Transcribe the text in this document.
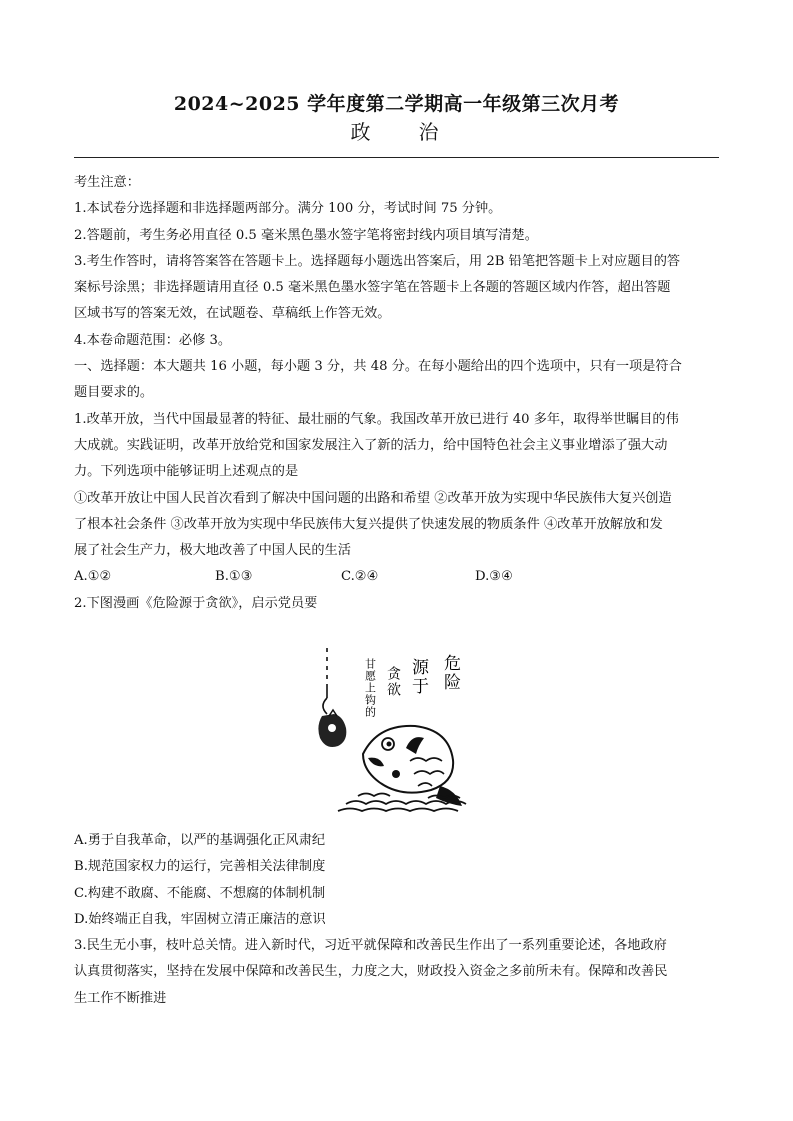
2024~2025 学年度第二学期高一年级第三次月考
政　治
考生注意：
1.本试卷分选择题和非选择题两部分。满分 100 分，考试时间 75 分钟。
2.答题前，考生务必用直径 0.5 毫米黑色墨水签字笔将密封线内项目填写清楚。
3.考生作答时，请将答案答在答题卡上。选择题每小题选出答案后，用 2B 铅笔把答题卡上对应题目的答
案标号涂黑；非选择题请用直径 0.5 毫米黑色墨水签字笔在答题卡上各题的答题区域内作答，超出答题
区域书写的答案无效，在试题卷、草稿纸上作答无效。
4.本卷命题范围：必修 3。
一、选择题：本大题共 16 小题，每小题 3 分，共 48 分。在每小题给出的四个选项中，只有一项是符合
题目要求的。
1.改革开放，当代中国最显著的特征、最壮丽的气象。我国改革开放已进行 40 多年，取得举世瞩目的伟
大成就。实践证明，改革开放给党和国家发展注入了新的活力，给中国特色社会主义事业增添了强大动
力。下列选项中能够证明上述观点的是
①改革开放让中国人民首次看到了解决中国问题的出路和希望 ②改革开放为实现中华民族伟大复兴创造
了根本社会条件 ③改革开放为实现中华民族伟大复兴提供了快速发展的物质条件 ④改革开放解放和发
展了社会生产力，极大地改善了中国人民的生活
A.①②	B.①③	C.②④	D.③④
2.下图漫画《危险源于贪欲》，启示党员要
危险
源于
贪欲
甘愿上钩的
A.勇于自我革命，以严的基调强化正风肃纪
B.规范国家权力的运行，完善相关法律制度
C.构建不敢腐、不能腐、不想腐的体制机制
D.始终端正自我，牢固树立清正廉洁的意识
3.民生无小事，枝叶总关情。进入新时代，习近平就保障和改善民生作出了一系列重要论述，各地政府
认真贯彻落实，坚持在发展中保障和改善民生，力度之大，财政投入资金之多前所未有。保障和改善民
生工作不断推进
